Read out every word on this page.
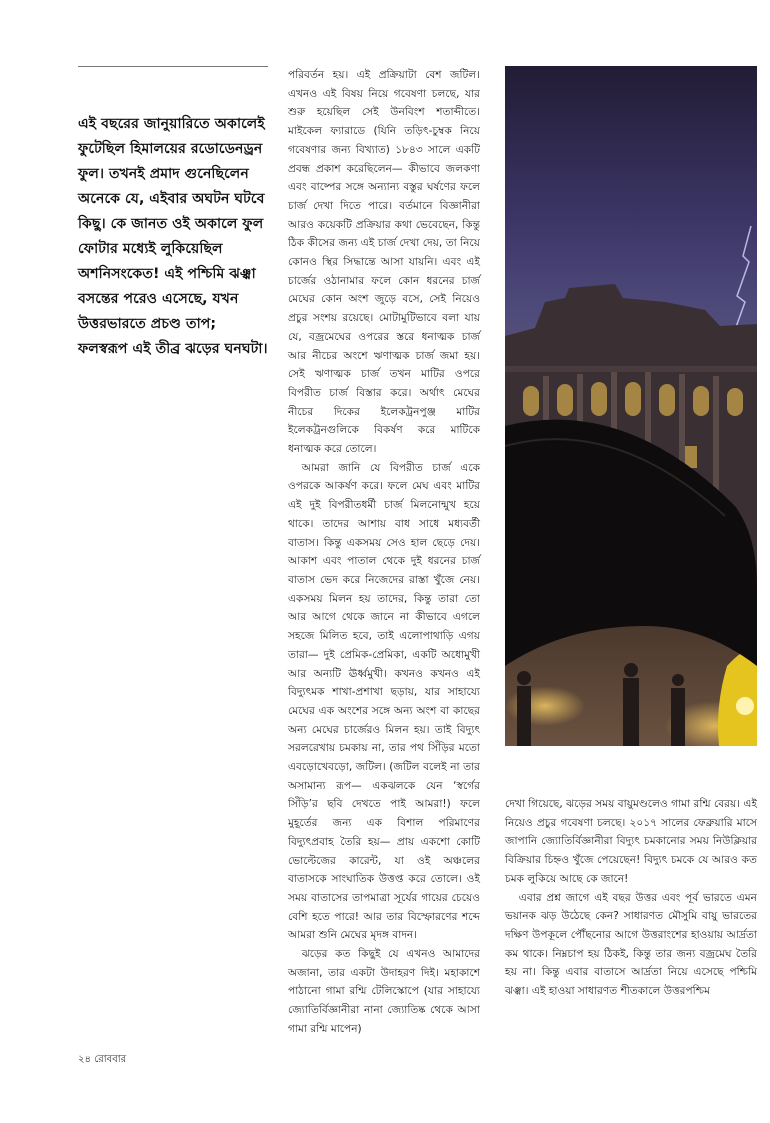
এই বছরের জানুয়ারিতে অকালেই ফুটেছিল হিমালয়ের রডোডেনড্রন ফুল। তখনই প্রমাদ গুনেছিলেন অনেকে যে, এইবার অঘটন ঘটবে কিছু। কে জানত ওই অকালে ফুল ফোটার মধ্যেই লুকিয়েছিল অশনিসংকেত! এই পশ্চিমি ঝঞ্ঝা বসন্তের পরেও এসেছে, যখন উত্তরভারতে প্রচণ্ড তাপ; ফলস্বরূপ এই তীব্র ঝড়ের ঘনঘটা।

পরিবর্তন হয়। এই প্রক্রিয়াটা বেশ জটিল। এখনও এই বিষয় নিয়ে গবেষণা চলছে, যার শুরু হয়েছিল সেই উনবিংশ শতাব্দীতে। মাইকেল ফ্যারাডে (যিনি তড়িৎ-চুম্বক নিয়ে গবেষণার জন্য বিখ্যাত) ১৮৪৩ সালে একটি প্রবন্ধ প্রকাশ করেছিলেন— কীভাবে জলকণা এবং বাষ্পের সঙ্গে অন্যান্য বস্তুর ঘর্ষণের ফলে চার্জ দেখা দিতে পারে। বর্তমানে বিজ্ঞানীরা আরও কয়েকটি প্রক্রিয়ার কথা ভেবেছেন, কিন্তু ঠিক কীসের জন্য এই চার্জ দেখা দেয়, তা নিয়ে কোনও স্থির সিদ্ধান্তে আসা যায়নি। এবং এই চার্জের ওঠানামার ফলে কোন ধরনের চার্জ মেঘের কোন অংশ জুড়ে বসে, সেই নিয়েও প্রচুর সংশয় রয়েছে। মোটামুটিভাবে বলা যায় যে, বজ্রমেঘের ওপরের স্তরে ধনাত্মক চার্জ আর নীচের অংশে ঋণাত্মক চার্জ জমা হয়। সেই ঋণাত্মক চার্জ তখন মাটির ওপরে বিপরীত চার্জ বিস্তার করে। অর্থাৎ মেঘের নীচের দিকের ইলেকট্রনপুঞ্জ মাটির ইলেকট্রনগুলিকে বিকর্ষণ করে মাটিকে ধনাত্মক করে তোলে।

আমরা জানি যে বিপরীত চার্জ একে ওপরকে আকর্ষণ করে। ফলে মেঘ এবং মাটির এই দুই বিপরীতধর্মী চার্জ মিলনোন্মুখ হয়ে থাকে। তাদের আশায় বাধ সাধে মধ্যবর্তী বাতাস। কিন্তু একসময় সেও হাল ছেড়ে দেয়। আকাশ এবং পাতাল থেকে দুই ধরনের চার্জ বাতাস ভেদ করে নিজেদের রাস্তা খুঁজে নেয়। একসময় মিলন হয় তাদের, কিন্তু তারা তো আর আগে থেকে জানে না কীভাবে এগলে সহজে মিলিত হবে, তাই এলোপাথাড়ি এগয় তারা— দুই প্রেমিক-প্রেমিকা, একটি অধোমুখী আর অন্যটি ঊর্ধ্বমুখী। কখনও কখনও এই বিদ্যুৎমক শাখা-প্রশাখা ছড়ায়, যার সাহায্যে মেঘের এক অংশের সঙ্গে অন্য অংশ বা কাছের অন্য মেঘের চার্জেরও মিলন হয়। তাই বিদ্যুৎ সরলরেখায় চমকায় না, তার পথ সিঁড়ির মতো এবড়োখেবড়ো, জটিল। (জটিল বলেই না তার অসামান্য রূপ— একঝলকে যেন ‘স্বর্গের সিঁড়ি’র ছবি দেখতে পাই আমরা!) ফলে মুহূর্তের জন্য এক বিশাল পরিমাণের বিদ্যুৎপ্রবাহ তৈরি হয়— প্রায় একশো কোটি ভোল্টেজের কারেন্ট, যা ওই অঞ্চলের বাতাসকে সাংঘাতিক উত্তপ্ত করে তোলে। ওই সময় বাতাসের তাপমাত্রা সূর্যের গায়ের চেয়েও বেশি হতে পারে! আর তার বিস্ফোরণের শব্দে আমরা শুনি মেঘের মৃদঙ্গ বাদন।

ঝড়ের কত কিছুই যে এখনও আমাদের অজানা, তার একটা উদাহরণ দিই। মহাকাশে পাঠানো গামা রশ্মি টেলিস্কোপে (যার সাহায্যে জ্যোতির্বিজ্ঞানীরা নানা জ্যোতিষ্ক থেকে আসা গামা রশ্মি মাপেন)

দেখা গিয়েছে, ঝড়ের সময় বায়ুমণ্ডলেও গামা রশ্মি বেরয়। এই নিয়েও প্রচুর গবেষণা চলছে। ২০১৭ সালের ফেব্রুয়ারি মাসে জাপানি জ্যোতির্বিজ্ঞানীরা বিদ্যুৎ চমকানোর সময় নিউক্লিয়ার বিক্রিয়ার চিহ্নও খুঁজে পেয়েছেন! বিদ্যুৎ চমকে যে আরও কত চমক লুকিয়ে আছে কে জানে!

এবার প্রশ্ন জাগে এই বছর উত্তর এবং পূর্ব ভারতে এমন ভয়ানক ঝড় উঠেছে কেন? সাধারণত মৌসুমি বায়ু ভারতের দক্ষিণ উপকূলে পৌঁছনোর আগে উত্তরাংশের হাওয়ায় আর্দ্রতা কম থাকে। নিম্নচাপ হয় ঠিকই, কিন্তু তার জন্য বজ্রমেঘ তৈরি হয় না। কিন্তু এবার বাতাসে আর্দ্রতা নিয়ে এসেছে পশ্চিমি ঝঞ্ঝা। এই হাওয়া সাধারণত শীতকালে উত্তরপশ্চিম

২৪ রোববার
